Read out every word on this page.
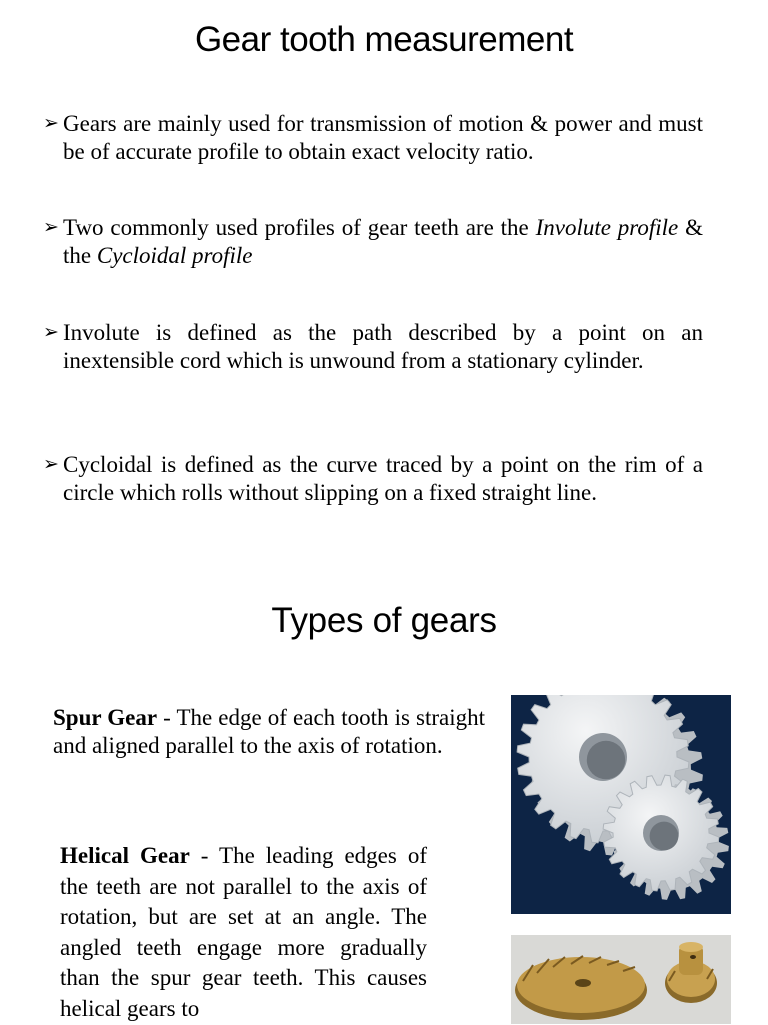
Gear tooth measurement
➢ Gears are mainly used for transmission of motion & power and must be of accurate profile to obtain exact velocity ratio.
➢ Two commonly used profiles of gear teeth are the Involute profile & the Cycloidal profile
➢ Involute is defined as the path described by a point on an inextensible cord which is unwound from a stationary cylinder.
➢ Cycloidal is defined as the curve traced by a point on the rim of a circle which rolls without slipping on a fixed straight line.
Types of gears
Spur Gear - The edge of each tooth is straight and aligned parallel to the axis of rotation.
Helical Gear - The leading edges of the teeth are not parallel to the axis of rotation, but are set at an angle. The angled teeth engage more gradually than the spur gear teeth. This causes helical gears to
